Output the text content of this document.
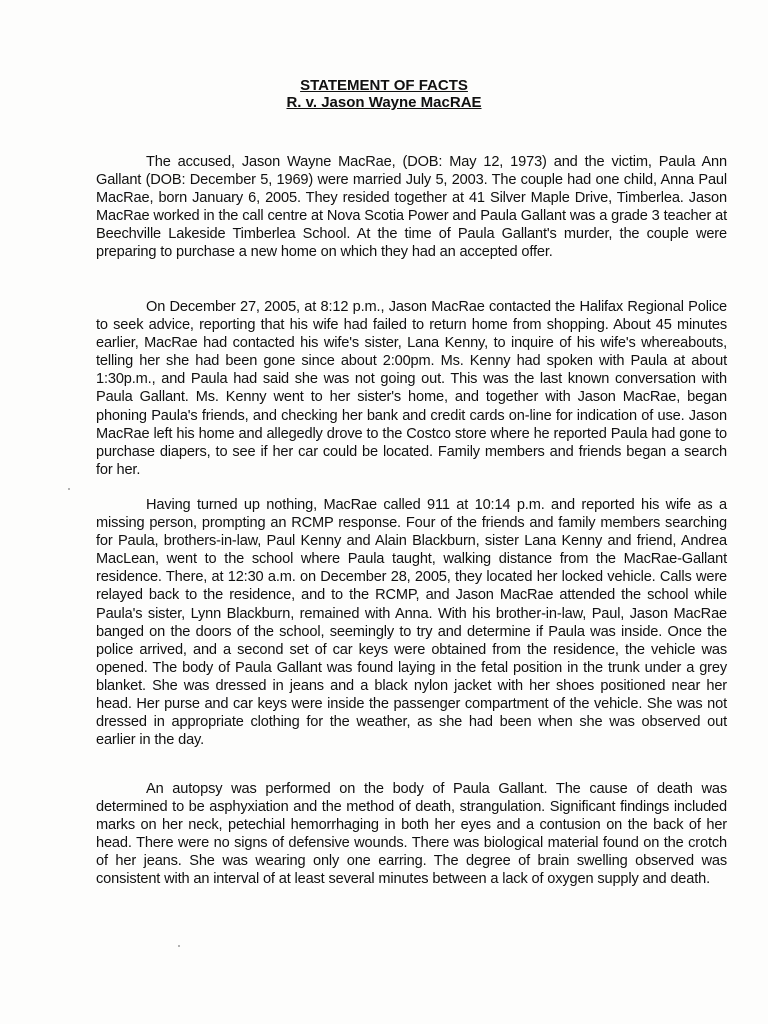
STATEMENT OF FACTS
R. v. Jason Wayne MacRAE

The accused, Jason Wayne MacRae, (DOB: May 12, 1973) and the victim, Paula Ann Gallant (DOB: December 5, 1969) were married July 5, 2003. The couple had one child, Anna Paul MacRae, born January 6, 2005. They resided together at 41 Silver Maple Drive, Timberlea. Jason MacRae worked in the call centre at Nova Scotia Power and Paula Gallant was a grade 3 teacher at Beechville Lakeside Timberlea School. At the time of Paula Gallant's murder, the couple were preparing to purchase a new home on which they had an accepted offer.

On December 27, 2005, at 8:12 p.m., Jason MacRae contacted the Halifax Regional Police to seek advice, reporting that his wife had failed to return home from shopping. About 45 minutes earlier, MacRae had contacted his wife's sister, Lana Kenny, to inquire of his wife's whereabouts, telling her she had been gone since about 2:00pm. Ms. Kenny had spoken with Paula at about 1:30p.m., and Paula had said she was not going out. This was the last known conversation with Paula Gallant. Ms. Kenny went to her sister's home, and together with Jason MacRae, began phoning Paula's friends, and checking her bank and credit cards on-line for indication of use. Jason MacRae left his home and allegedly drove to the Costco store where he reported Paula had gone to purchase diapers, to see if her car could be located. Family members and friends began a search for her.

Having turned up nothing, MacRae called 911 at 10:14 p.m. and reported his wife as a missing person, prompting an RCMP response. Four of the friends and family members searching for Paula, brothers-in-law, Paul Kenny and Alain Blackburn, sister Lana Kenny and friend, Andrea MacLean, went to the school where Paula taught, walking distance from the MacRae-Gallant residence. There, at 12:30 a.m. on December 28, 2005, they located her locked vehicle. Calls were relayed back to the residence, and to the RCMP, and Jason MacRae attended the school while Paula's sister, Lynn Blackburn, remained with Anna. With his brother-in-law, Paul, Jason MacRae banged on the doors of the school, seemingly to try and determine if Paula was inside. Once the police arrived, and a second set of car keys were obtained from the residence, the vehicle was opened. The body of Paula Gallant was found laying in the fetal position in the trunk under a grey blanket. She was dressed in jeans and a black nylon jacket with her shoes positioned near her head. Her purse and car keys were inside the passenger compartment of the vehicle. She was not dressed in appropriate clothing for the weather, as she had been when she was observed out earlier in the day.

An autopsy was performed on the body of Paula Gallant. The cause of death was determined to be asphyxiation and the method of death, strangulation. Significant findings included marks on her neck, petechial hemorrhaging in both her eyes and a contusion on the back of her head. There were no signs of defensive wounds. There was biological material found on the crotch of her jeans. She was wearing only one earring. The degree of brain swelling observed was consistent with an interval of at least several minutes between a lack of oxygen supply and death.
